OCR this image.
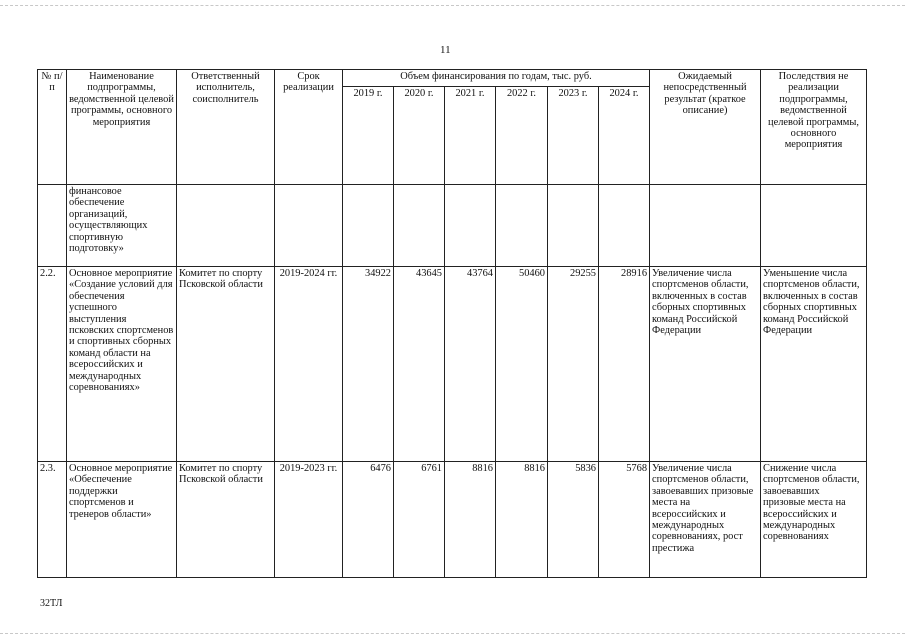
11
№ п/п	Наименование подпрограммы, ведомственной целевой программы, основного мероприятия	Ответственный исполнитель, соисполнитель	Срок реализации	Объем финансирования по годам, тыс. руб.						Ожидаемый непосредственный результат (краткое описание)	Последствия не реализации подпрограммы, ведомственной целевой программы, основного мероприятия
				2019 г.	2020 г.	2021 г.	2022 г.	2023 г.	2024 г.		
	финансовое обеспечение организаций, осуществляющих спортивную подготовку»										
2.2.	Основное мероприятие «Создание условий для обеспечения успешного выступления псковских спортсменов и спортивных сборных команд области на всероссийских и международных соревнованиях»	Комитет по спорту Псковской области	2019-2024 гг.	34922	43645	43764	50460	29255	28916	Увеличение числа спортсменов области, включенных в состав сборных спортивных команд Российской Федерации	Уменьшение числа спортсменов области, включенных в состав сборных спортивных команд Российской Федерации
2.3.	Основное мероприятие «Обеспечение поддержки спортсменов и тренеров области»	Комитет по спорту Псковской области	2019-2023 гг.	6476	6761	8816	8816	5836	5768	Увеличение числа спортсменов области, завоевавших призовые места на всероссийских и международных соревнованиях, рост престижа	Снижение числа спортсменов области, завоевавших призовые места на всероссийских и международных соревнованиях
32ТЛ
